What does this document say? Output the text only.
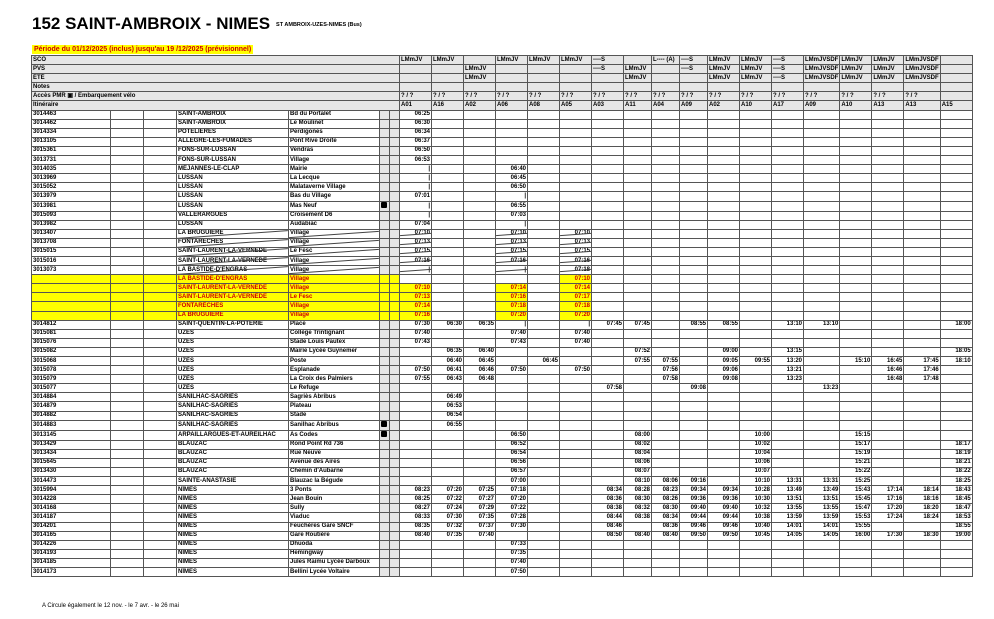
152 SAINT-AMBROIX - NIMES ST AMBROIX-UZES-NIMES (Bus)
Période du 01/12/2025 (inclus) jusqu'au 19 /12/2025 (prévisionnel)
SCO							LMmJV	LMmJV		LMmJV	LMmJV	LMmJV	----S		L---- (A)	----S	LMmJV	LMmJV	----S	LMmJVSDF	LMmJV	LMmJV	LMmJVSDF	
PVS									LMmJV				----S	LMmJV		----S	LMmJV	LMmJV	----S	LMmJVSDF	LMmJV	LMmJV	LMmJVSDF	
ÉTÉ									LMmJV					LMmJV			LMmJV	LMmJV	----S	LMmJVSDF	LMmJV	LMmJV	LMmJVSDF	
Notes																								
Accès PMR ▣ / Embarquement vélo							? / ?	? / ?	? / ?	? / ?	? / ?	? / ?	? / ?	? / ?	? / ?	? / ?	? / ?	? / ?	? / ?	? / ?	? / ?	? / ?	? / ?	
Itinéraire							A01	A16	A02	A06	A08	A05	A03	A11	A04	A09	A02	A10	A17	A09	A10	A13	A13	A15
3014463			SAINT-AMBROIX	Bd du Portalet			06:25																	
3014462			SAINT-AMBROIX	Le Moulinet			06:30																	
3014334			POTELIÈRES	Perdigones			06:34																	
3013105			ALLÈGRE-LES-FUMADES	Pont Rive Droite			06:37																	
3015361			FONS-SUR-LUSSAN	Vendras			06:50																	
3013731			FONS-SUR-LUSSAN	Village			06:53																	
3014035			MÉJANNES-LE-CLAP	Mairie			|			06:40														
3013969			LUSSAN	La Lecque			|			06:45														
3015052			LUSSAN	Malataverne Village			|			06:50														
3013979			LUSSAN	Bas du Village			07:01			|														
3013981			LUSSAN	Mas Neuf			|			06:55														
3015093			VALLÉRARGUES	Croisement D6			|			07:03														
3013982			LUSSAN	Audabiac			07:04			|														
3013407			LA BRUGUIÈRE	Village			07:10			07:10		07:10												
3013708			FONTARÈCHES	Village			07:13			07:13		07:13												
3015015			SAINT-LAURENT-LA-VERNÈDE	Le Fesc			07:15			07:15		07:15												
3015016			SAINT-LAURENT-LA-VERNÈDE	Village			07:16			07:16		07:16												
3013073			LA BASTIDE-D'ENGRAS	Village			|			|		07:18												
			LA BASTIDE-D'ENGRAS	Village								07:10												
			SAINT-LAURENT-LA-VERNÈDE	Village			07:10			07:14		07:14												
			SAINT-LAURENT-LA-VERNÈDE	Le Fesc			07:13			07:16		07:17												
			FONTARÈCHES	Village			07:14			07:18		07:18												
			LA BRUGUIÈRE	Village			07:16			07:20		07:20												
3014812			SAINT-QUENTIN-LA-POTERIE	Place			07:30	06:30	06:35	|		|	07:45	07:45		08:55	08:55		13:10	13:10				18:00
3015081			UZÈS	Collège Trintignant			07:40			07:40		07:40												
3015076			UZÈS	Stade Louis Pautex			07:43			07:43		07:40												
3015082			UZÈS	Mairie Lycée Guynemer				06:35	06:40					07:52			09:00		13:15					18:05
3015068			UZÈS	Poste				06:40	06:45		06:45			07:55	07:55		09:05	09:55	13:20		15:10	16:45	17:45	18:10
3015078			UZÈS	Esplanade			07:50	06:41	06:46	07:50		07:50			07:56		09:06		13:21			16:46	17:46	
3015079			UZÈS	La Croix des Palmiers			07:55	06:43	06:48						07:58		09:08		13:23			16:48	17:48	
3015077			UZÈS	Le Refuge									07:58			09:08				13:23				
3014884			SANILHAC-SAGRIÈS	Sagriès Abribus				06:49																
3014879			SANILHAC-SAGRIÈS	Plateau				06:53																
3014882			SANILHAC-SAGRIÈS	Stade				06:54																
3014883			SANILHAC-SAGRIÈS	Sanilhac Abribus				06:55																
3013145			ARPAILLARGUES-ET-AUREILHAC	As Codes						06:50				08:00				10:00			15:15			
3013429			BLAUZAC	Rond Point Rd 736						06:52				08:02				10:02			15:17			18:17
3013434			BLAUZAC	Rue Neuve						06:54				08:04				10:04			15:19			18:19
3015645			BLAUZAC	Avenue des Aires						06:56				08:06				10:06			15:21			18:21
3013430			BLAUZAC	Chemin d'Aubarne						06:57				08:07				10:07			15:22			18:22
3014473			SAINTE-ANASTASIE	Blauzac la Bégude						07:00				08:10	08:06	09:16		10:10	13:31	13:31	15:25			18:25
3015994			NÎMES	3 Ponts			08:23	07:20	07:25	07:18			08:34	08:28	08:23	09:34	09:34	10:28	13:49	13:49	15:43	17:14	18:14	18:43
3014228			NÎMES	Jean Bouin			08:25	07:22	07:27	07:20			08:36	08:30	08:26	09:36	09:36	10:30	13:51	13:51	15:45	17:16	18:16	18:45
3014168			NÎMES	Sully			08:27	07:24	07:29	07:22			08:38	08:32	08:30	09:40	09:40	10:32	13:55	13:55	15:47	17:20	18:20	18:47
3014187			NÎMES	Viaduc			08:33	07:30	07:35	07:28			08:44	08:38	08:34	09:44	09:44	10:38	13:59	13:59	15:53	17:24	18:24	18:53
3014201			NÎMES	Feuchères Gare SNCF			08:35	07:32	07:37	07:30			08:46		08:36	09:46	09:46	10:40	14:01	14:01	15:55			18:55
3014165			NÎMES	Gare Routière			08:40	07:35	07:40				08:50	08:40	08:40	09:50	09:50	10:45	14:05	14:05	16:00	17:30	18:30	19:00
3014226			NÎMES	Dhuoda						07:33														
3014193			NÎMES	Hemingway						07:35														
3014185			NÎMES	Jules Raimu Lycée Darboux						07:40														
3014173			NÎMES	Bellini Lycée Voltaire						07:50														
A Circule également le 12 nov. - le 7 avr. - le 26 mai
